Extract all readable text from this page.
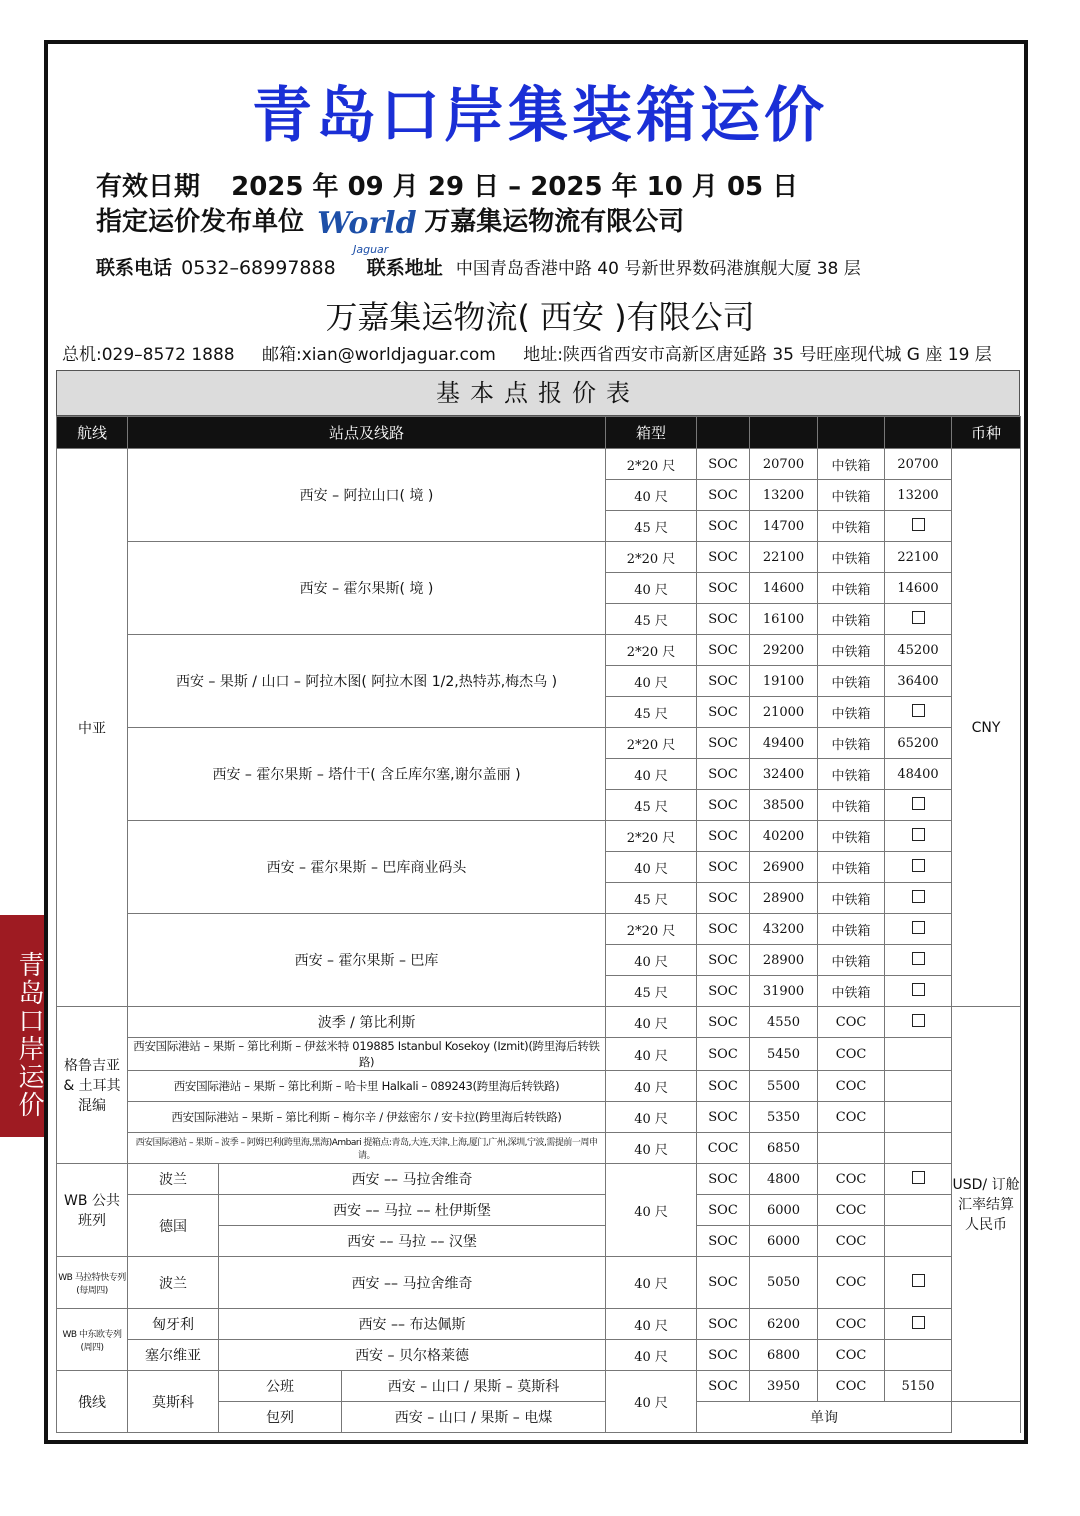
青岛口岸集装箱运价
有效日期 2025 年 09 月 29 日 – 2025 年 10 月 05 日
指定运价发布单位 World
Jaguar
万嘉集运物流有限公司
联系电话 0532–68997888 联系地址 中国青岛香港中路 40 号新世界数码港旗舰大厦 38 层
万嘉集运物流( 西安 )有限公司
总机:029–8572 1888 邮箱:xian@worldjaguar.com 地址:陕西省西安市高新区唐延路 35 号旺座现代城 G 座 19 层
基本点报价表
航线	站点及线路			箱型					币种	
中亚	西安 – 阿拉山口( 境 )			2*20 尺	SOC	20700	中铁箱	20700	CNY	
				40 尺	SOC	13200	中铁箱	13200		
				45 尺	SOC	14700	中铁箱			
	西安 – 霍尔果斯( 境 )			2*20 尺	SOC	22100	中铁箱	22100		
				40 尺	SOC	14600	中铁箱	14600		
				45 尺	SOC	16100	中铁箱			
	西安 – 果斯 / 山口 – 阿拉木图( 阿拉木图 1/2,热特苏,梅杰乌 )			2*20 尺	SOC	29200	中铁箱	45200		
				40 尺	SOC	19100	中铁箱	36400		
				45 尺	SOC	21000	中铁箱			
	西安 – 霍尔果斯 – 塔什干( 含丘库尔塞,谢尔盖丽 )			2*20 尺	SOC	49400	中铁箱	65200		
				40 尺	SOC	32400	中铁箱	48400		
				45 尺	SOC	38500	中铁箱			
	西安 – 霍尔果斯 – 巴库商业码头			2*20 尺	SOC	40200	中铁箱			
				40 尺	SOC	26900	中铁箱			
				45 尺	SOC	28900	中铁箱			
	西安 – 霍尔果斯 – 巴库			2*20 尺	SOC	43200	中铁箱			
				40 尺	SOC	28900	中铁箱			
				45 尺	SOC	31900	中铁箱			
格鲁吉亚 & 土耳其 混编	波季 / 第比利斯			40 尺	SOC	4550	COC		USD/ 订舱汇率结算人民币	
	西安国际港站 – 果斯 – 第比利斯 – 伊兹米特 019885 Istanbul Kosekoy (Izmit)(跨里海后转铁路)			40 尺	SOC	5450	COC			
	西安国际港站 – 果斯 – 第比利斯 – 哈卡里 Halkali – 089243(跨里海后转铁路)			40 尺	SOC	5500	COC			
	西安国际港站 – 果斯 – 第比利斯 – 梅尔辛 / 伊兹密尔 / 安卡拉(跨里海后转铁路)			40 尺	SOC	5350	COC			
	西安国际港站 – 果斯 – 波季 – 阿姆巴利(跨里海,黑海)Ambari 提箱点:青岛,大连,天津,上海,厦门,广州,深圳,宁波,需提前一周申请。			40 尺	COC	6850				
WB 公共 班列	波兰	西安 –– 马拉舍维奇		40 尺	SOC	4800	COC			
	德国	西安 –– 马拉 –– 杜伊斯堡			SOC	6000	COC			
		西安 –– 马拉 –– 汉堡			SOC	6000	COC			
WB 马拉特快专列 (每周四)	波兰	西安 –– 马拉舍维奇		40 尺	SOC	5050	COC			
WB 中东欧专列 (周四)	匈牙利	西安 –– 布达佩斯		40 尺	SOC	6200	COC			
	塞尔维亚	西安 – 贝尔格莱德		40 尺	SOC	6800	COC			
俄线	莫斯科	公班	西安 – 山口 / 果斯 – 莫斯科	40 尺	SOC	3950	COC	5150	
		包列	西安 – 山口 / 果斯 – 电煤		单询					
青岛口岸运价
